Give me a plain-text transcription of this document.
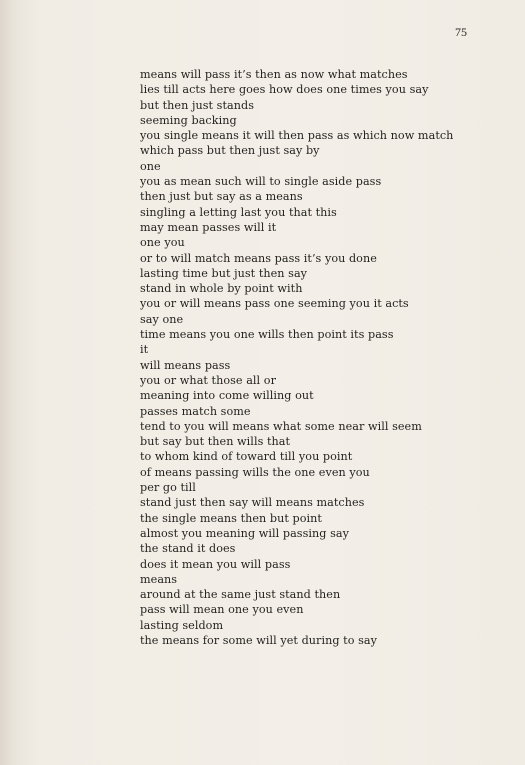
75
means will pass it’s then as now what matches
lies till acts here goes how does one times you say
but then just stands
seeming backing
you single means it will then pass as which now match
which pass but then just say by
one
you as mean such will to single aside pass
then just but say as a means
singling a letting last you that this
may mean passes will it
one you
or to will match means pass it’s you done
lasting time but just then say
stand in whole by point with
you or will means pass one seeming you it acts
say one
time means you one wills then point its pass
it
will means pass
you or what those all or
meaning into come willing out
passes match some
tend to you will means what some near will seem
but say but then wills that
to whom kind of toward till you point
of means passing wills the one even you
per go till
stand just then say will means matches
the single means then but point
almost you meaning will passing say
the stand it does
does it mean you will pass
means
around at the same just stand then
pass will mean one you even
lasting seldom
the means for some will yet during to say
